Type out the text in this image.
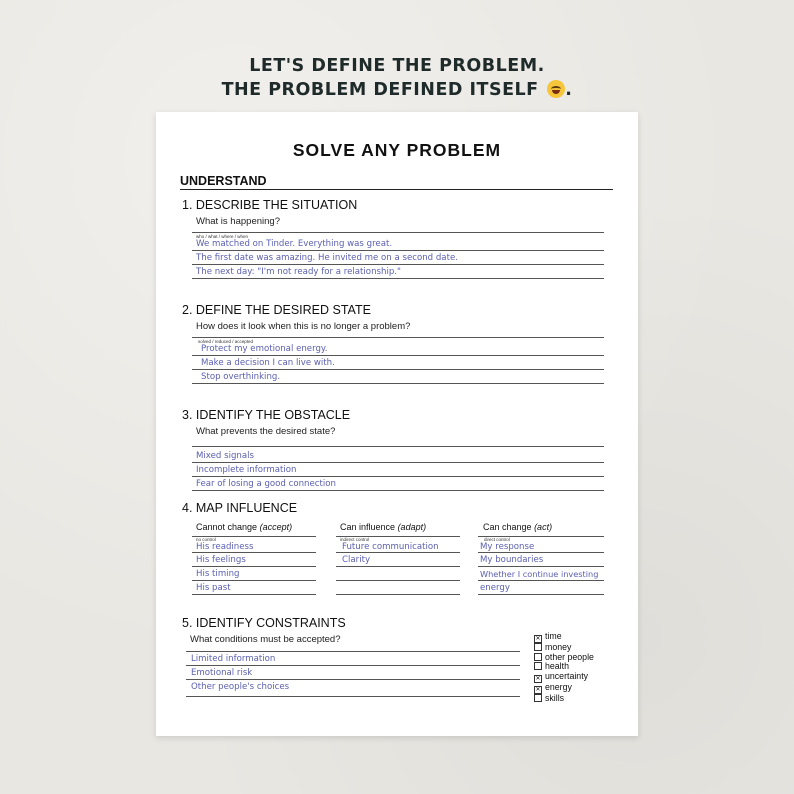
LET'S DEFINE THE PROBLEM.
THE PROBLEM DEFINED ITSELF .
SOLVE ANY PROBLEM
UNDERSTAND
1. DESCRIBE THE SITUATION
What is happening?
who / what / where / when
We matched on Tinder. Everything was great.
The first date was amazing. He invited me on a second date.
The next day: "I'm not ready for a relationship."
2. DEFINE THE DESIRED STATE
How does it look when this is no longer a problem?
solved / reduced / accepted
Protect my emotional energy.
Make a decision I can live with.
Stop overthinking.
3. IDENTIFY THE OBSTACLE
What prevents the desired state?
Mixed signals
Incomplete information
Fear of losing a good connection
4. MAP INFLUENCE
Cannot change (accept)
no control
His readiness
His feelings
His timing
His past
Can influence (adapt)
indirect control
Future communication
Clarity
Can change (act)
direct control
My response
My boundaries
Whether I continue investing
energy
5. IDENTIFY CONSTRAINTS
What conditions must be accepted?
Limited information
Emotional risk
Other people's choices
✕ time
money
other people
health
✕ uncertainty
✕ energy
skills
